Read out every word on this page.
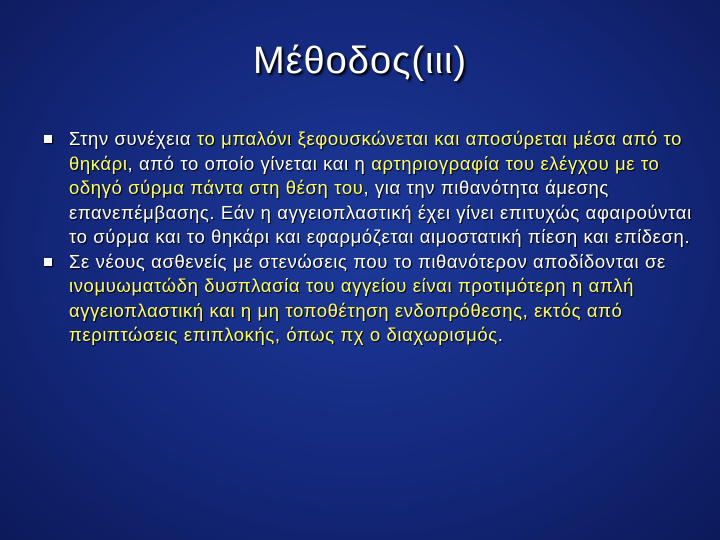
Μέθοδος(ιιι)
Στην συνέχεια το μπαλόνι ξεφουσκώνεται και αποσύρεται μέσα από το θηκάρι, από το οποίο γίνεται και η αρτηριογραφία του ελέγχου με το οδηγό σύρμα πάντα στη θέση του, για την πιθανότητα άμεσης επανεπέμβασης. Εάν η αγγειοπλαστική έχει γίνει επιτυχώς αφαιρούνται το σύρμα και το θηκάρι και εφαρμόζεται αιμοστατική πίεση και επίδεση.
Σε νέους ασθενείς με στενώσεις που το πιθανότερον αποδίδονται σε ινομυωματώδη δυσπλασία του αγγείου είναι προτιμότερη η απλή αγγειοπλαστική και η μη τοποθέτηση ενδοπρόθεσης, εκτός από περιπτώσεις επιπλοκής, όπως πχ ο διαχωρισμός.
